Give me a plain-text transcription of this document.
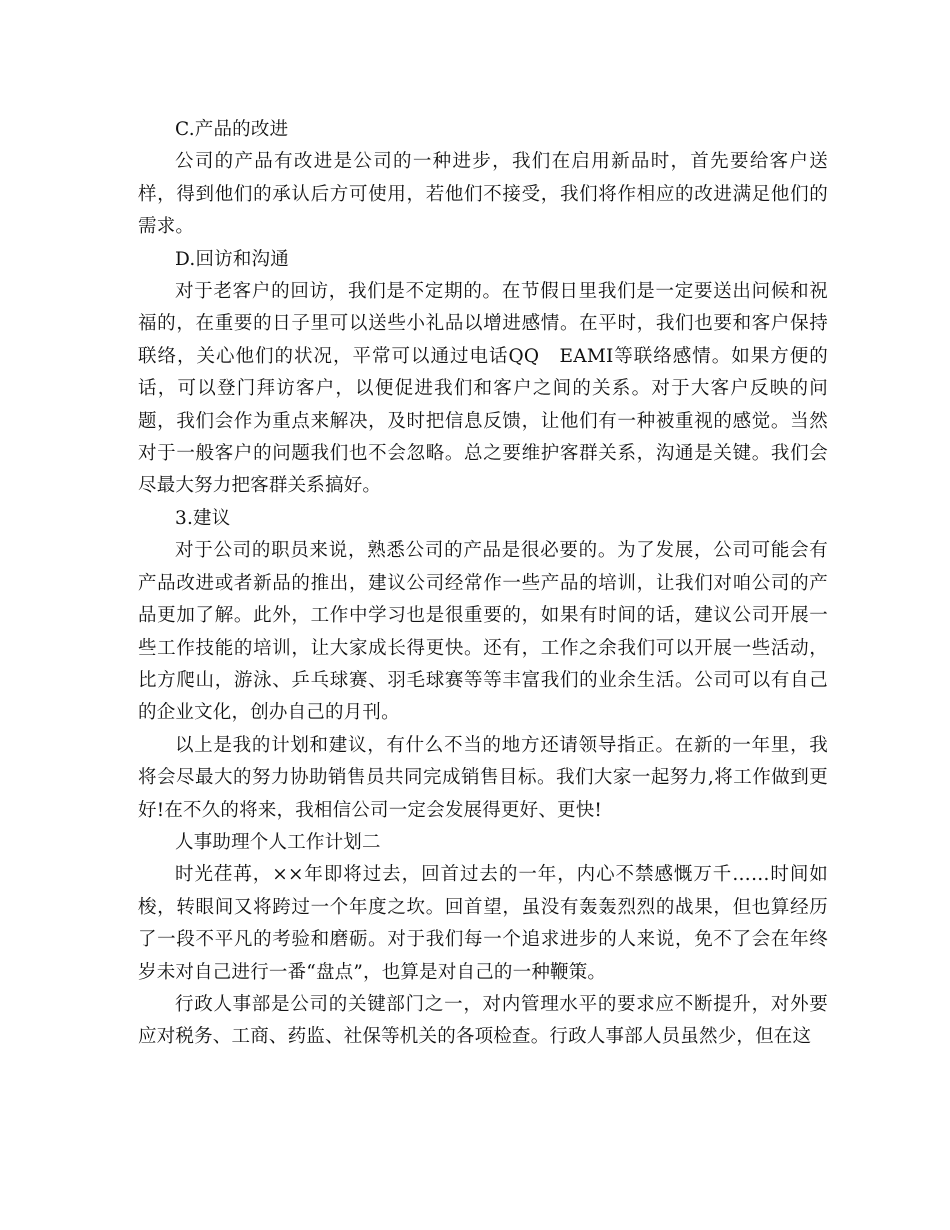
C.产品的改进

公司的产品有改进是公司的一种进步，我们在启用新品时，首先要给客户送样，得到他们的承认后方可使用，若他们不接受，我们将作相应的改进满足他们的需求。

D.回访和沟通

对于老客户的回访，我们是不定期的。在节假日里我们是一定要送出问候和祝福的，在重要的日子里可以送些小礼品以增进感情。在平时，我们也要和客户保持联络，关心他们的状况，平常可以通过电话QQ　EAMI等联络感情。如果方便的话，可以登门拜访客户，以便促进我们和客户之间的关系。对于大客户反映的问题，我们会作为重点来解决，及时把信息反馈，让他们有一种被重视的感觉。当然对于一般客户的问题我们也不会忽略。总之要维护客群关系，沟通是关键。我们会尽最大努力把客群关系搞好。

3.建议

对于公司的职员来说，熟悉公司的产品是很必要的。为了发展，公司可能会有产品改进或者新品的推出，建议公司经常作一些产品的培训，让我们对咱公司的产品更加了解。此外，工作中学习也是很重要的，如果有时间的话，建议公司开展一些工作技能的培训，让大家成长得更快。还有，工作之余我们可以开展一些活动，比方爬山，游泳、乒乓球赛、羽毛球赛等等丰富我们的业余生活。公司可以有自己的企业文化，创办自己的月刊。

以上是我的计划和建议，有什么不当的地方还请领导指正。在新的一年里，我将会尽最大的努力协助销售员共同完成销售目标。我们大家一起努力,将工作做到更好!在不久的将来，我相信公司一定会发展得更好、更快!

人事助理个人工作计划二

时光荏苒，××年即将过去，回首过去的一年，内心不禁感慨万千……时间如梭，转眼间又将跨过一个年度之坎。回首望，虽没有轰轰烈烈的战果，但也算经历了一段不平凡的考验和磨砺。对于我们每一个追求进步的人来说，免不了会在年终岁未对自己进行一番“盘点”，也算是对自己的一种鞭策。

行政人事部是公司的关键部门之一，对内管理水平的要求应不断提升，对外要应对税务、工商、药监、社保等机关的各项检查。行政人事部人员虽然少，但在这
